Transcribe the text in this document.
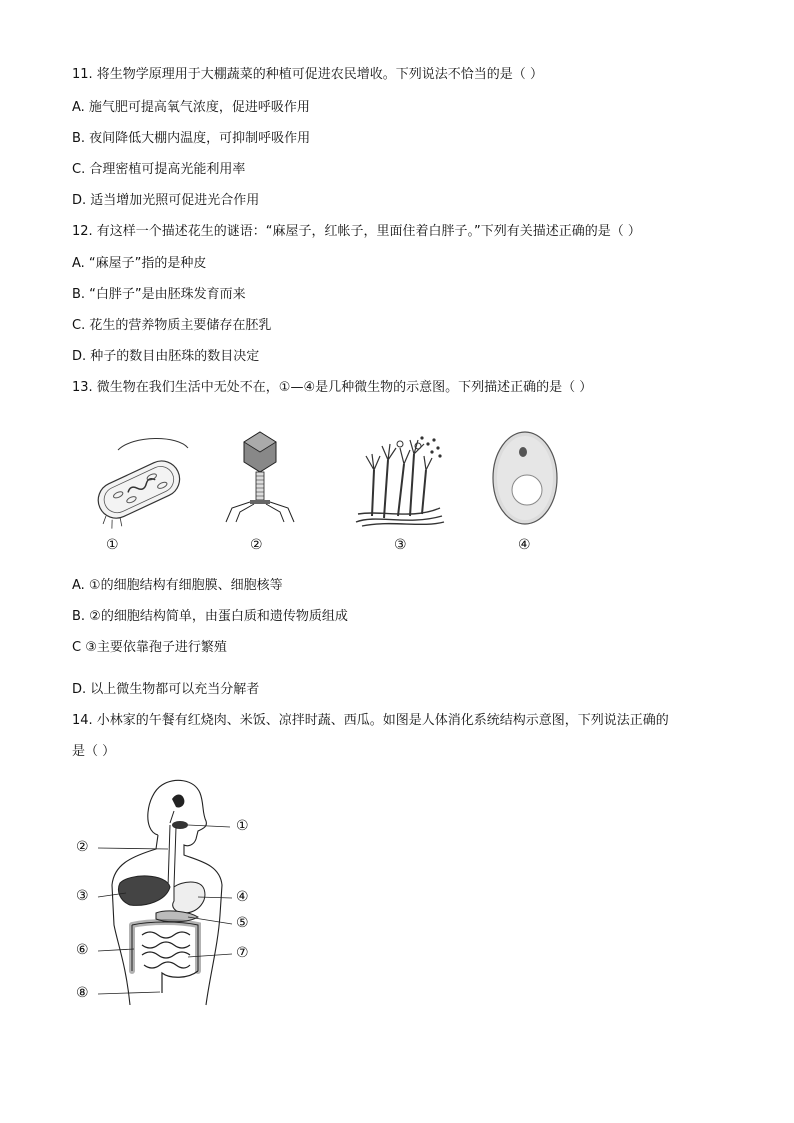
11. 将生物学原理用于大棚蔬菜的种植可促进农民增收。下列说法不恰当的是（ ）
A. 施气肥可提高氧气浓度，促进呼吸作用
B. 夜间降低大棚内温度，可抑制呼吸作用
C. 合理密植可提高光能利用率
D. 适当增加光照可促进光合作用
12. 有这样一个描述花生的谜语：“麻屋子，红帐子，里面住着白胖子。”下列有关描述正确的是（ ）
A. “麻屋子”指的是种皮
B. “白胖子”是由胚珠发育而来
C. 花生的营养物质主要储存在胚乳
D. 种子的数目由胚珠的数目决定
13. 微生物在我们生活中无处不在，①—④是几种微生物的示意图。下列描述正确的是（ ）
①	②	③	④
A. ①的细胞结构有细胞膜、细胞核等
B. ②的细胞结构简单，由蛋白质和遗传物质组成
C ③主要依靠孢子进行繁殖
D. 以上微生物都可以充当分解者
14. 小林家的午餐有红烧肉、米饭、凉拌时蔬、西瓜。如图是人体消化系统结构示意图，下列说法正确的
是（ ）
①
②
③	④
⑤
⑥	⑦
⑧
